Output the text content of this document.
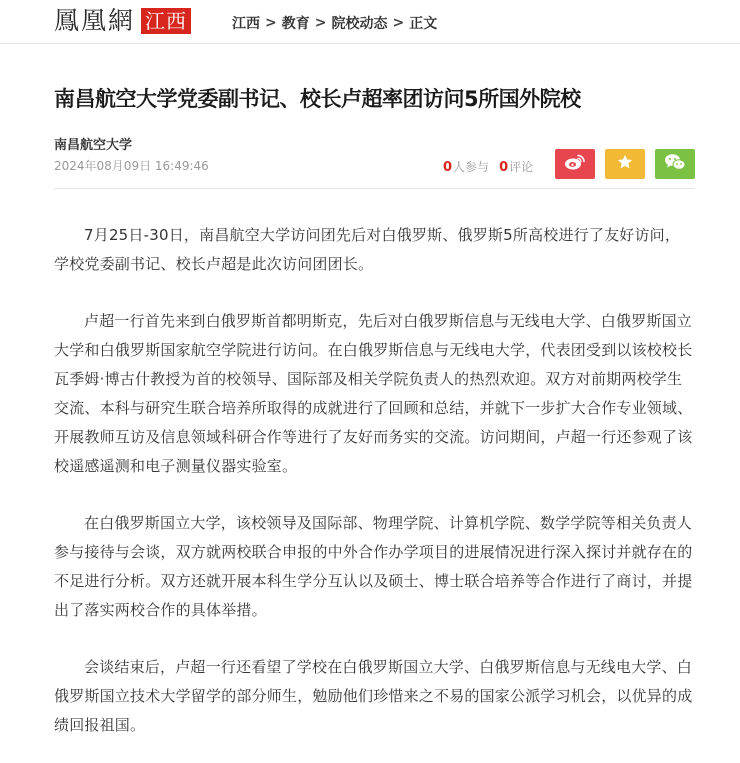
鳳凰網 江西	江西 > 教育 > 院校动态 > 正文
南昌航空大学党委副书记、校长卢超率团访问5所国外院校
南昌航空大学
2024年08月09日 16:49:46	0 人参与 0 评论

7月25日-30日，南昌航空大学访问团先后对白俄罗斯、俄罗斯5所高校进行了友好访问，学校党委副书记、校长卢超是此次访问团团长。

卢超一行首先来到白俄罗斯首都明斯克，先后对白俄罗斯信息与无线电大学、白俄罗斯国立大学和白俄罗斯国家航空学院进行访问。在白俄罗斯信息与无线电大学，代表团受到以该校校长瓦季姆·博古什教授为首的校领导、国际部及相关学院负责人的热烈欢迎。双方对前期两校学生交流、本科与研究生联合培养所取得的成就进行了回顾和总结，并就下一步扩大合作专业领域、开展教师互访及信息领域科研合作等进行了友好而务实的交流。访问期间，卢超一行还参观了该校遥感遥测和电子测量仪器实验室。

在白俄罗斯国立大学，该校领导及国际部、物理学院、计算机学院、数学学院等相关负责人参与接待与会谈，双方就两校联合申报的中外合作办学项目的进展情况进行深入探讨并就存在的不足进行分析。双方还就开展本科生学分互认以及硕士、博士联合培养等合作进行了商讨，并提出了落实两校合作的具体举措。

会谈结束后，卢超一行还看望了学校在白俄罗斯国立大学、白俄罗斯信息与无线电大学、白俄罗斯国立技术大学留学的部分师生，勉励他们珍惜来之不易的国家公派学习机会，以优异的成绩回报祖国。
